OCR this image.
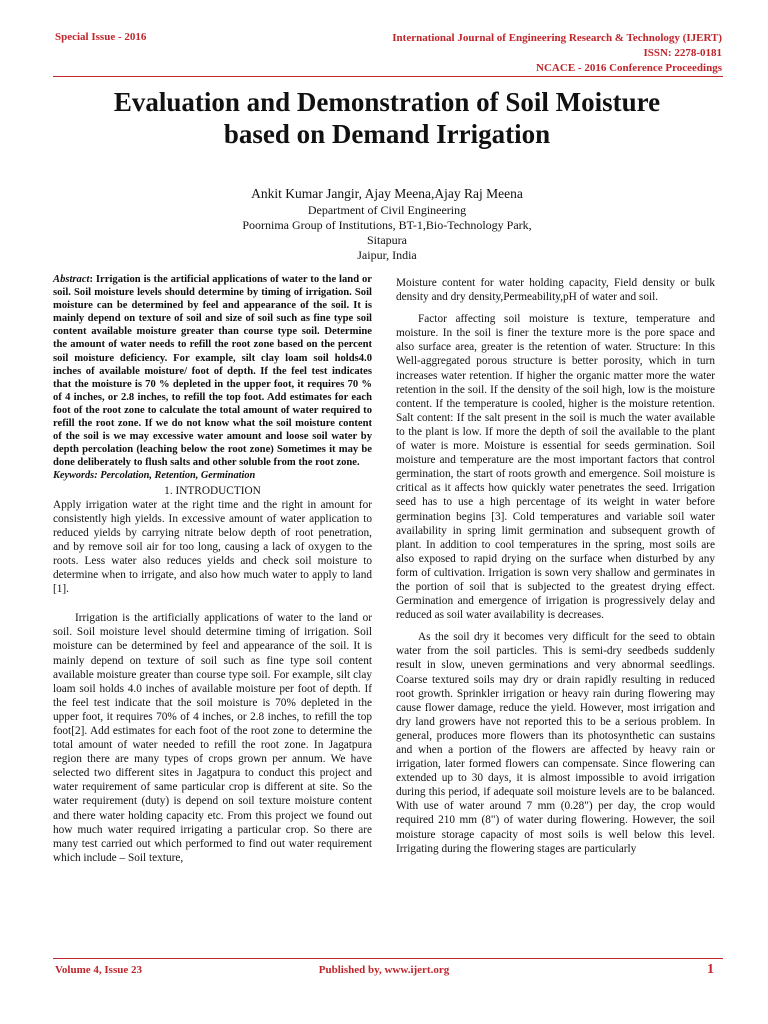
Special Issue - 2016	International Journal of Engineering Research & Technology (IJERT)
ISSN: 2278-0181
NCACE - 2016 Conference Proceedings
Evaluation and Demonstration of Soil Moisture
based on Demand Irrigation
Ankit Kumar Jangir, Ajay Meena,Ajay Raj Meena
Department of Civil Engineering
Poornima Group of Institutions, BT-1,Bio-Technology Park,
Sitapura
Jaipur, India

Abstract: Irrigation is the artificial applications of water to the land or soil. Soil moisture levels should determine by timing of irrigation. Soil moisture can be determined by feel and appearance of the soil. It is mainly depend on texture of soil and size of soil such as fine type soil content available moisture greater than course type soil. Determine the amount of water needs to refill the root zone based on the percent soil moisture deficiency. For example, silt clay loam soil holds4.0 inches of available moisture/ foot of depth. If the feel test indicates that the moisture is 70 % depleted in the upper foot, it requires 70 % of 4 inches, or 2.8 inches, to refill the top foot. Add estimates for each foot of the root zone to calculate the total amount of water required to refill the root zone. If we do not know what the soil moisture content of the soil is we may excessive water amount and loose soil water by depth percolation (leaching below the root zone) Sometimes it may be done deliberately to flush salts and other soluble from the root zone.

Keywords: Percolation, Retention, Germination

1. INTRODUCTION

Apply irrigation water at the right time and the right in amount for consistently high yields. In excessive amount of water application to reduced yields by carrying nitrate below depth of root penetration, and by remove soil air for too long, causing a lack of oxygen to the roots. Less water also reduces yields and check soil moisture to determine when to irrigate, and also how much water to apply to land [1].

Irrigation is the artificially applications of water to the land or soil. Soil moisture level should determine timing of irrigation. Soil moisture can be determined by feel and appearance of the soil. It is mainly depend on texture of soil such as fine type soil content available moisture greater than course type soil. For example, silt clay loam soil holds 4.0 inches of available moisture per foot of depth. If the feel test indicate that the soil moisture is 70% depleted in the upper foot, it requires 70% of 4 inches, or 2.8 inches, to refill the top foot[2]. Add estimates for each foot of the root zone to determine the total amount of water needed to refill the root zone. In Jagatpura region there are many types of crops grown per annum. We have selected two different sites in Jagatpura to conduct this project and water requirement of same particular crop is different at site. So the water requirement (duty) is depend on soil texture moisture content and there water holding capacity etc. From this project we found out how much water required irrigating a particular crop. So there are many test carried out which performed to find out water requirement which include – Soil texture,

Moisture content for water holding capacity, Field density or bulk density and dry density,Permeability,pH of water and soil.

Factor affecting soil moisture is texture, temperature and moisture. In the soil is finer the texture more is the pore space and also surface area, greater is the retention of water. Structure: In this Well-aggregated porous structure is better porosity, which in turn increases water retention. If higher the organic matter more the water retention in the soil. If the density of the soil high, low is the moisture content. If the temperature is cooled, higher is the moisture retention. Salt content: If the salt present in the soil is much the water available to the plant is low. If more the depth of soil the available to the plant of water is more. Moisture is essential for seeds germination. Soil moisture and temperature are the most important factors that control germination, the start of roots growth and emergence. Soil moisture is critical as it affects how quickly water penetrates the seed. Irrigation seed has to use a high percentage of its weight in water before germination begins [3]. Cold temperatures and variable soil water availability in spring limit germination and subsequent growth of plant. In addition to cool temperatures in the spring, most soils are also exposed to rapid drying on the surface when disturbed by any form of cultivation. Irrigation is sown very shallow and germinates in the portion of soil that is subjected to the greatest drying effect. Germination and emergence of irrigation is progressively delay and reduced as soil water availability is decreases.

As the soil dry it becomes very difficult for the seed to obtain water from the soil particles. This is semi-dry seedbeds suddenly result in slow, uneven germinations and very abnormal seedlings. Coarse textured soils may dry or drain rapidly resulting in reduced root growth. Sprinkler irrigation or heavy rain during flowering may cause flower damage, reduce the yield. However, most irrigation and dry land growers have not reported this to be a serious problem. In general, produces more flowers than its photosynthetic can sustains and when a portion of the flowers are affected by heavy rain or irrigation, later formed flowers can compensate. Since flowering can extended up to 30 days, it is almost impossible to avoid irrigation during this period, if adequate soil moisture levels are to be balanced. With use of water around 7 mm (0.28") per day, the crop would required 210 mm (8") of water during flowering. However, the soil moisture storage capacity of most soils is well below this level. Irrigating during the flowering stages are particularly

Volume 4, Issue 23	Published by, www.ijert.org	1
